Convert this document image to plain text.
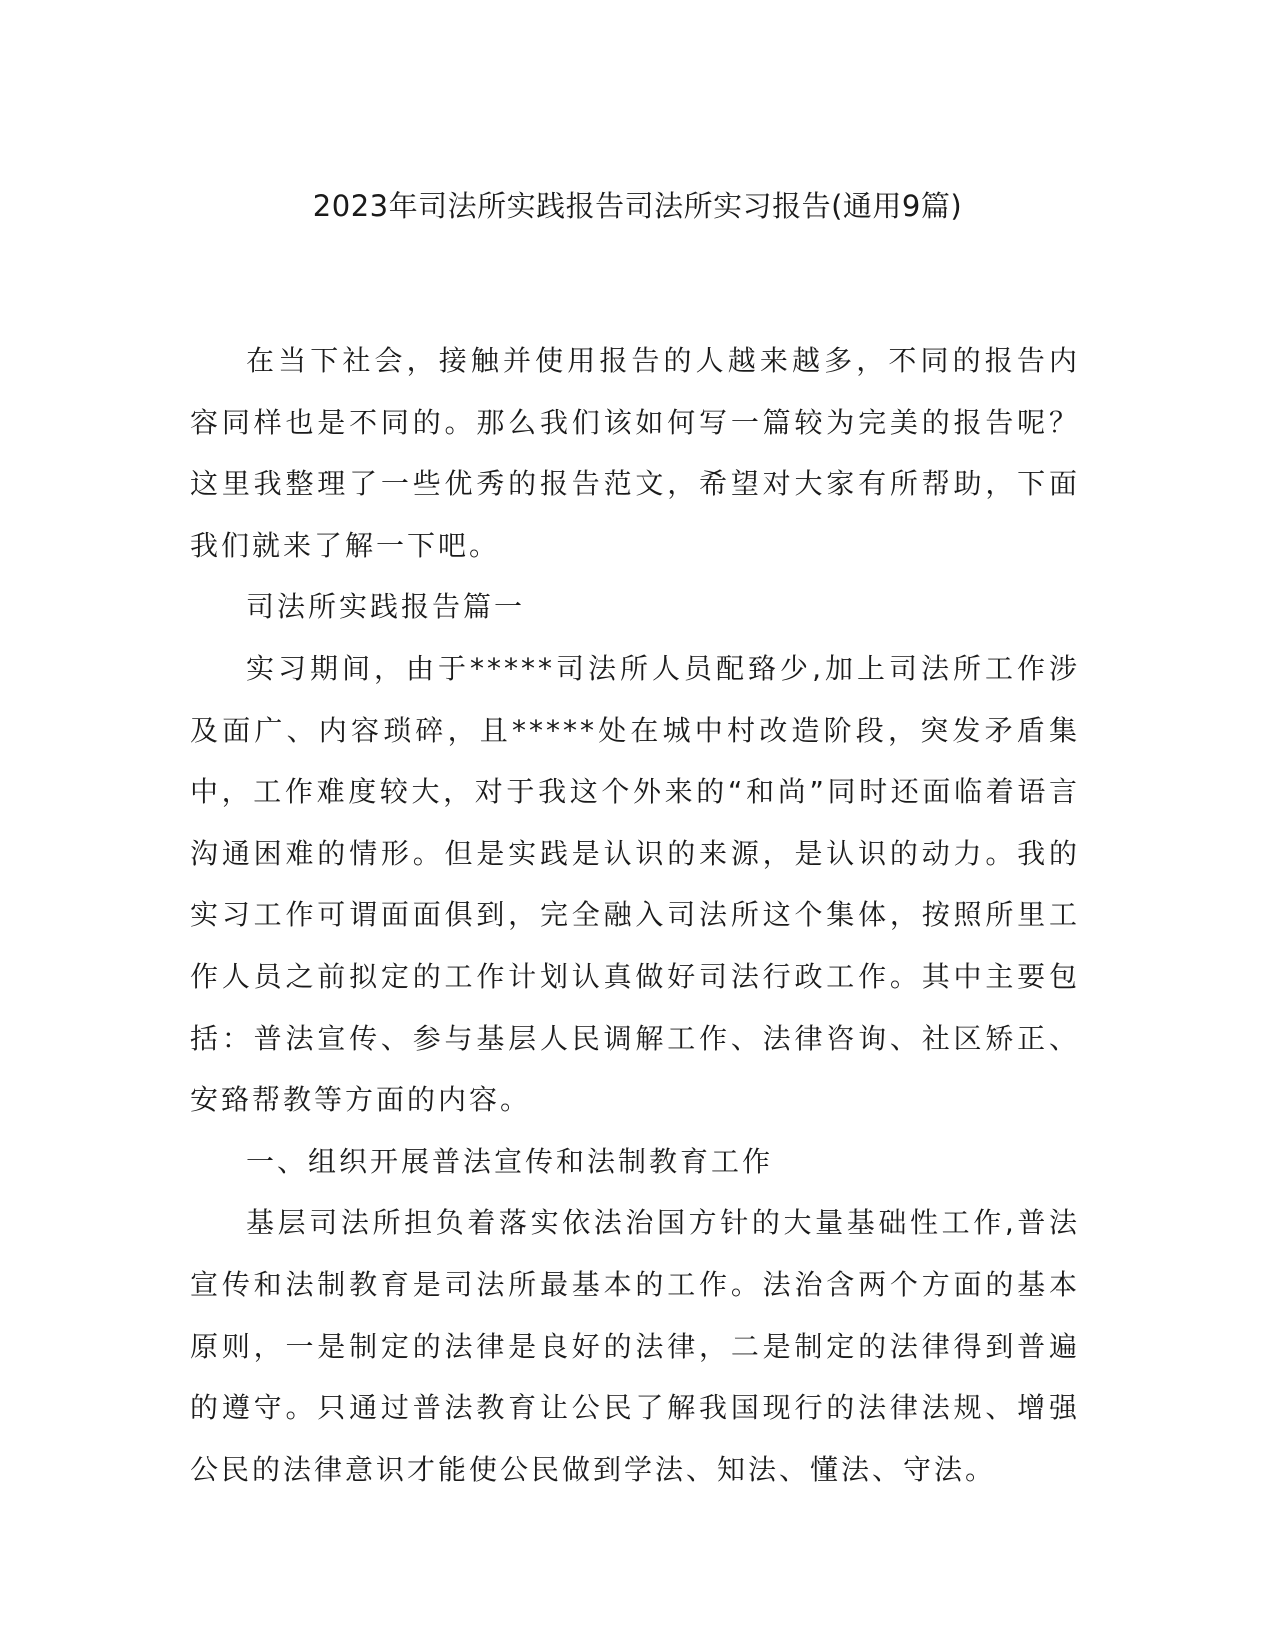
2023年司法所实践报告司法所实习报告(通用9篇)

在当下社会，接触并使用报告的人越来越多，不同的报告内容同样也是不同的。那么我们该如何写一篇较为完美的报告呢？这里我整理了一些优秀的报告范文，希望对大家有所帮助，下面我们就来了解一下吧。

司法所实践报告篇一

实习期间，由于*****司法所人员配臵少,加上司法所工作涉及面广、内容琐碎，且*****处在城中村改造阶段，突发矛盾集中，工作难度较大，对于我这个外来的“和尚”同时还面临着语言沟通困难的情形。但是实践是认识的来源，是认识的动力。我的实习工作可谓面面俱到，完全融入司法所这个集体，按照所里工作人员之前拟定的工作计划认真做好司法行政工作。其中主要包括：普法宣传、参与基层人民调解工作、法律咨询、社区矫正、安臵帮教等方面的内容。

一、组织开展普法宣传和法制教育工作

基层司法所担负着落实依法治国方针的大量基础性工作,普法宣传和法制教育是司法所最基本的工作。法治含两个方面的基本原则，一是制定的法律是良好的法律，二是制定的法律得到普遍的遵守。只通过普法教育让公民了解我国现行的法律法规、增强公民的法律意识才能使公民做到学法、知法、懂法、守法。
